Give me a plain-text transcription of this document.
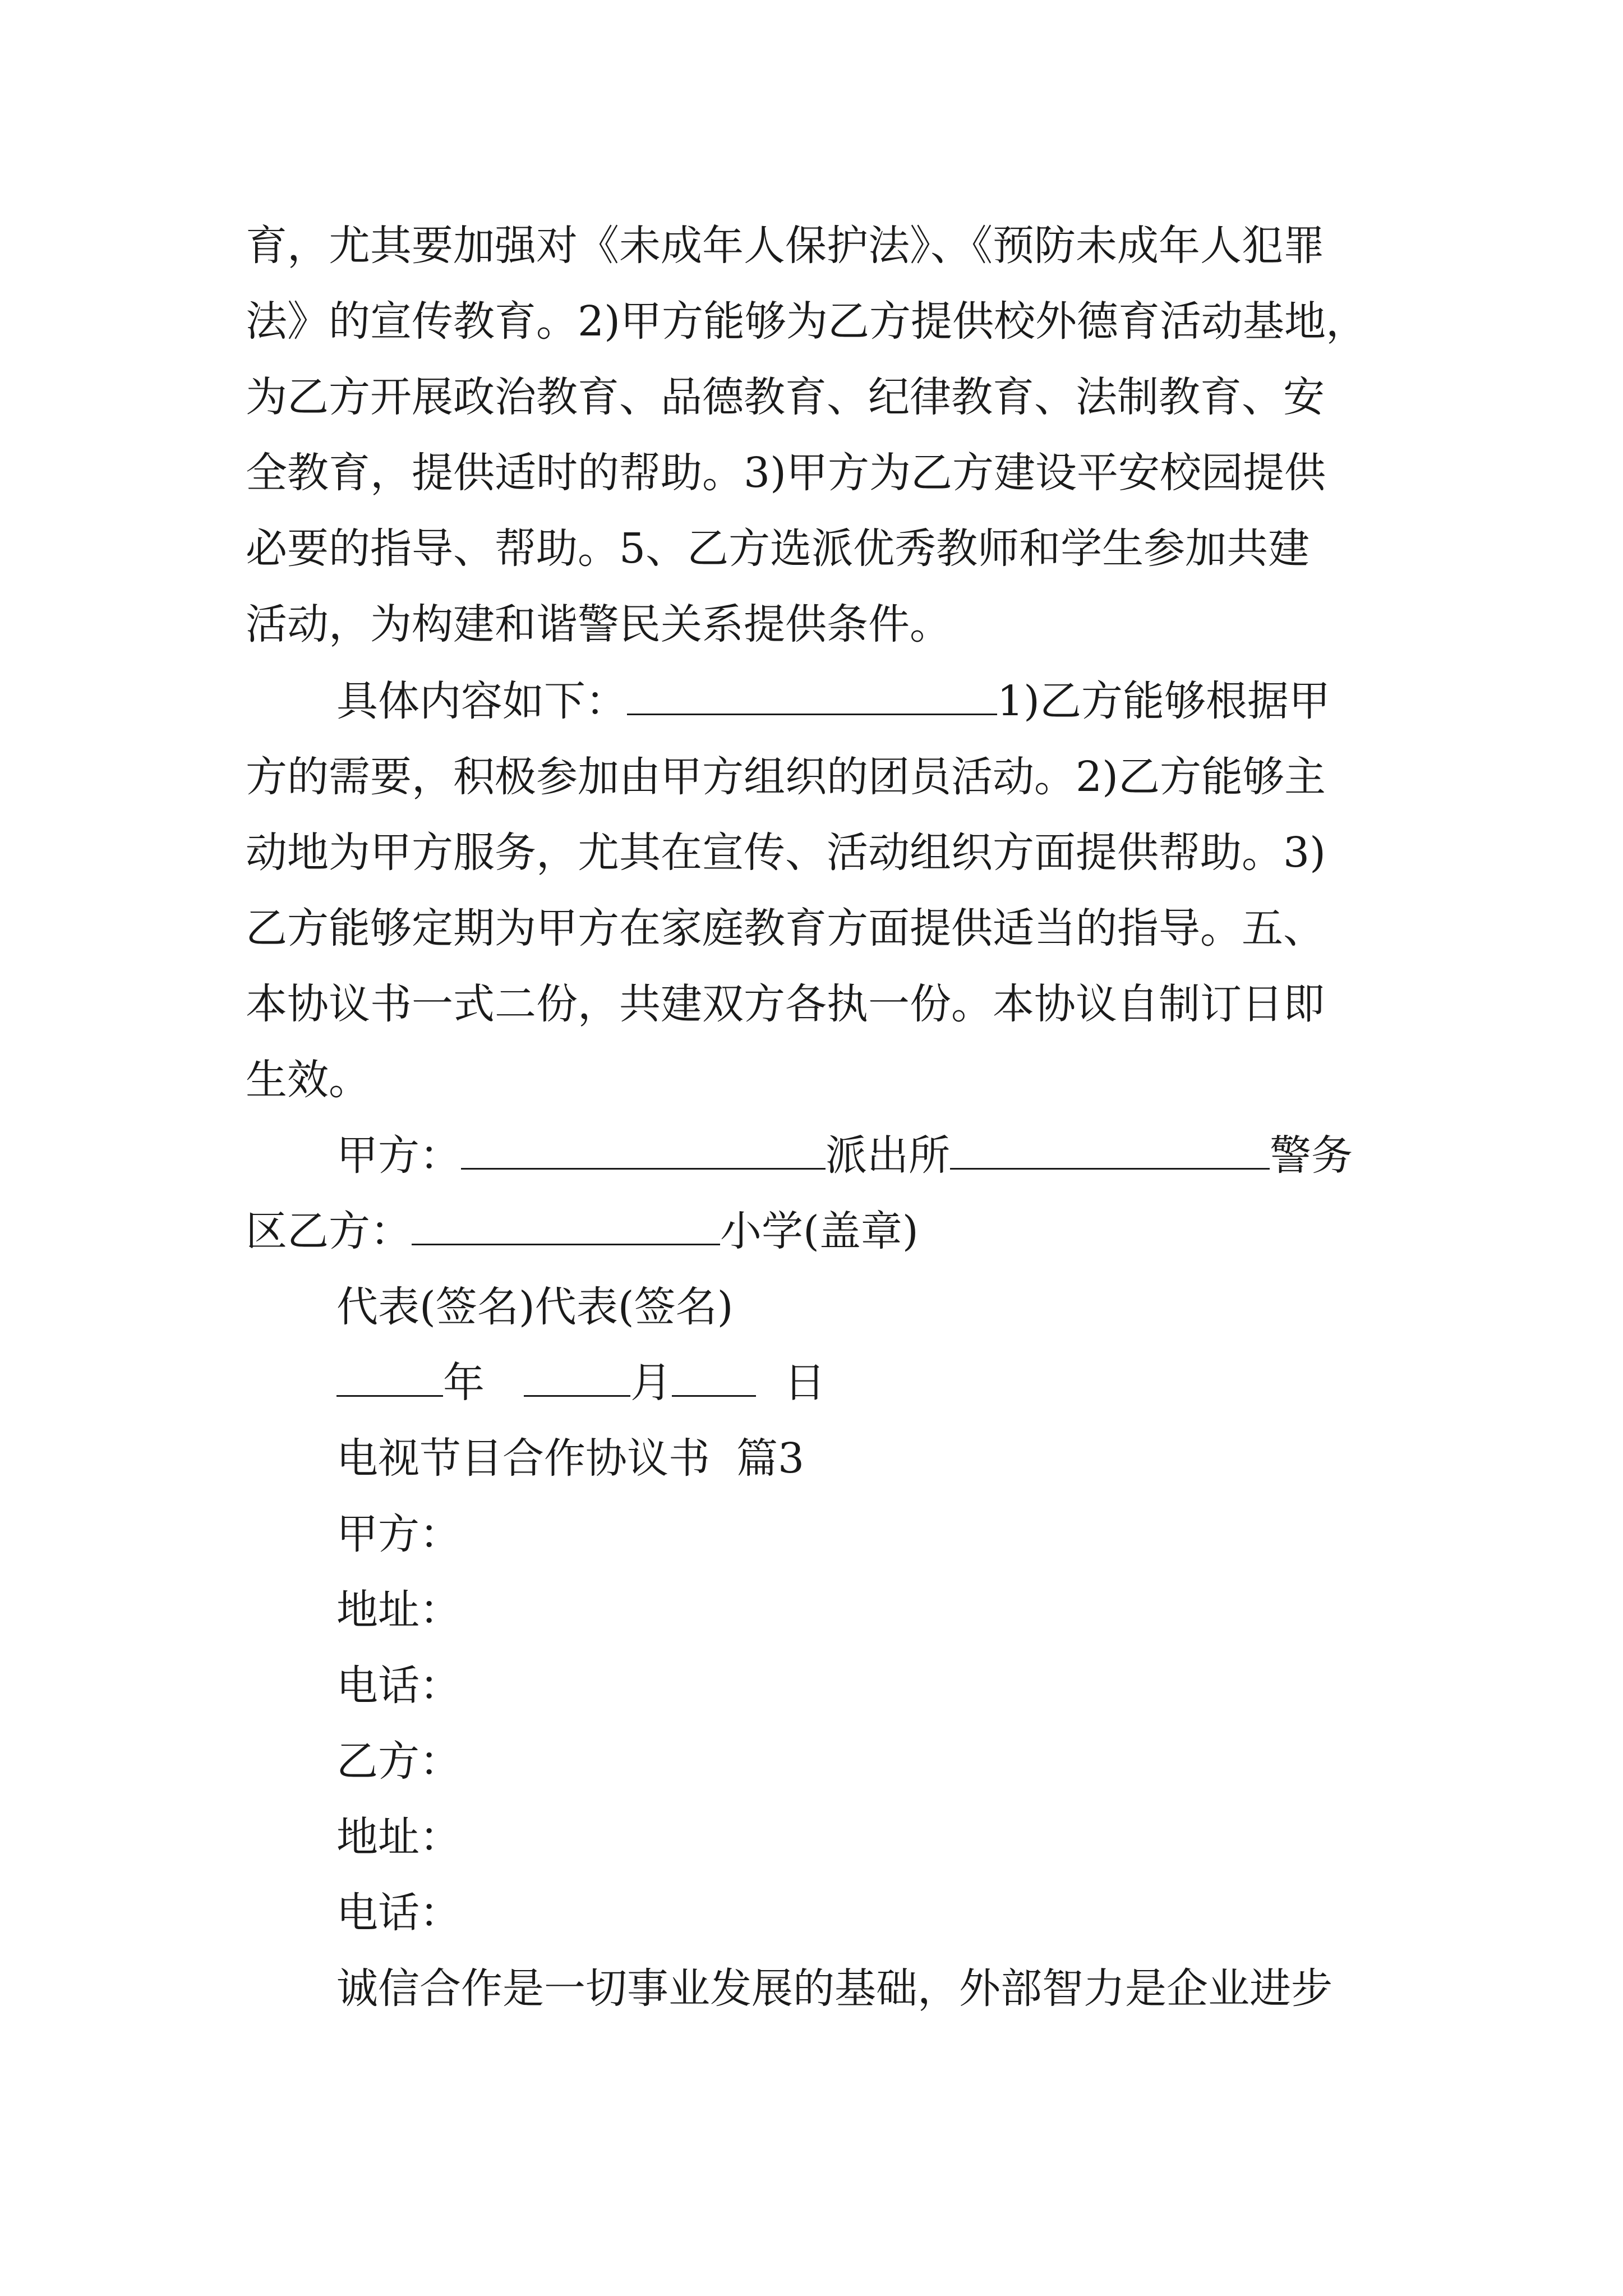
育，尤其要加强对《未成年人保护法》、《预防未成年人犯罪
法》的宣传教育。2)甲方能够为乙方提供校外德育活动基地，
为乙方开展政治教育、品德教育、纪律教育、法制教育、安
全教育，提供适时的帮助。3)甲方为乙方建设平安校园提供
必要的指导、帮助。5、乙方选派优秀教师和学生参加共建
活动，为构建和谐警民关系提供条件。
具体内容如下：	1)乙方能够根据甲
方的需要，积极参加由甲方组织的团员活动。2)乙方能够主
动地为甲方服务，尤其在宣传、活动组织方面提供帮助。3)
乙方能够定期为甲方在家庭教育方面提供适当的指导。五、
本协议书一式二份，共建双方各执一份。本协议自制订日即
生效。
甲方：	派出所	警务
区乙方：	小学(盖章)
代表(签名)代表(签名)
年	月	日
电视节目合作协议书  篇3
甲方：
地址：
电话：
乙方：
地址：
电话：
诚信合作是一切事业发展的基础，外部智力是企业进步
